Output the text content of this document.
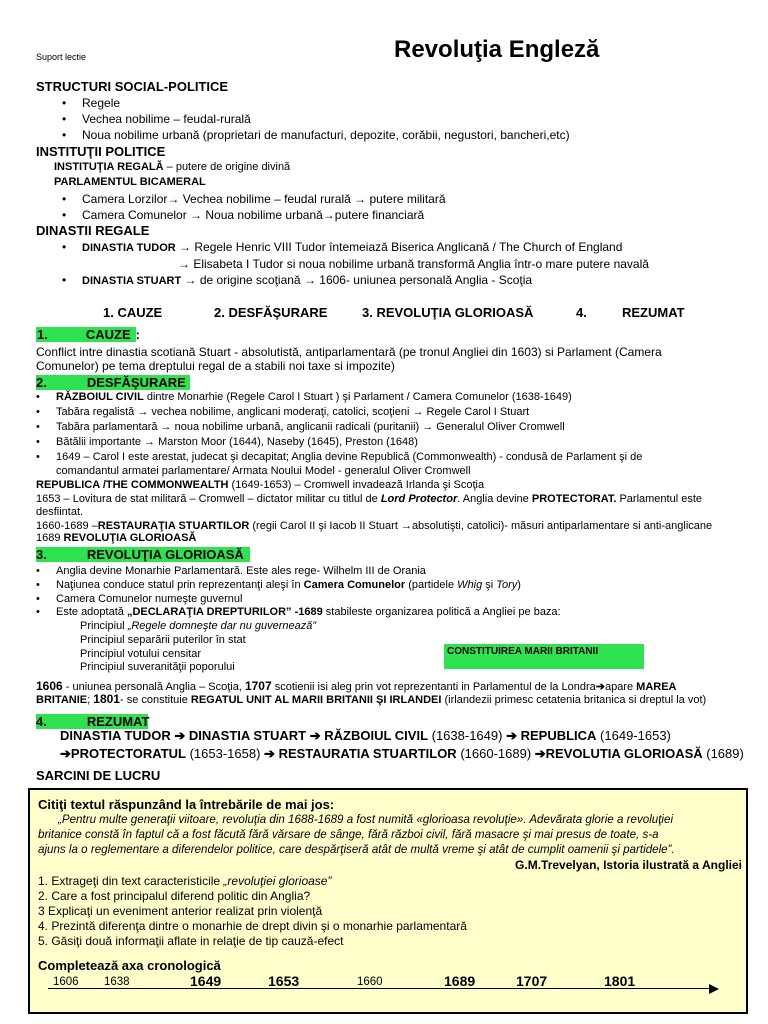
Suport lectie	Revoluţia Engleză
STRUCTURI SOCIAL-POLITICE
• Regele
• Vechea nobilime – feudal-rurală
• Noua nobilime urbană (proprietari de manufacturi, depozite, corăbii, negustori, bancheri,etc)
INSTITUŢII POLITICE
INSTITUŢIA REGALĂ – putere de origine divină
PARLAMENTUL BICAMERAL
• Camera Lorzilor→ Vechea nobilime – feudal rurală → putere militară
• Camera Comunelor → Noua nobilime urbană→putere financiară
DINASTII REGALE
• DINASTIA TUDOR → Regele Henric VIII Tudor întemeiază Biserica Anglicană / The Church of England
→ Elisabeta I Tudor si noua nobilime urbană transformă Anglia într-o mare putere navală
• DINASTIA STUART → de origine scoţiană → 1606- uniunea personală Anglia - Scoţia
1. CAUZE	2. DESFĂŞURARE	3. REVOLUŢIA GLORIOASĂ	4.	REZUMAT
1.	CAUZE :
Conflict intre dinastia scotiană Stuart - absolutistă, antiparlamentară (pe tronul Angliei din 1603) si Parlament (Camera
Comunelor) pe tema dreptului regal de a stabili noi taxe si impozite)
2.	DESFĂŞURARE
• RĂZBOIUL CIVIL dintre Monarhie (Regele Carol I Stuart ) şi Parlament / Camera Comunelor (1638-1649)
• Tabăra regalistă → vechea nobilime, anglicani moderaţi, catolici, scoţieni → Regele Carol I Stuart
• Tabăra parlamentară → noua nobilime urbană, anglicanii radicali (puritanii) → Generalul Oliver Cromwell
• Bătălii importante → Marston Moor (1644), Naseby (1645), Preston (1648)
• 1649 – Carol I este arestat, judecat şi decapitat; Anglia devine Republică (Commonwealth) - condusă de Parlament şi de
comandantul armatei parlamentare/ Armata Noului Model - generalul Oliver Cromwell
REPUBLICA /THE COMMONWEALTH (1649-1653) – Cromwell invadează Irlanda şi Scoţia
1653 – Lovitura de stat militară – Cromwell – dictator militar cu titlul de Lord Protector. Anglia devine PROTECTORAT. Parlamentul este
desfiintat.
1660-1689 –RESTAURAŢIA STUARTILOR (regii Carol II şi Iacob II Stuart →absolutişti, catolici)- măsuri antiparlamentare si anti-anglicane
1689 REVOLUŢIA GLORIOASĂ
3.	REVOLUŢIA GLORIOASĂ
• Anglia devine Monarhie Parlamentară. Este ales rege- Wilhelm III de Orania
• Naţiunea conduce statul prin reprezentanţi aleşi în Camera Comunelor (partidele Whig şi Tory)
• Camera Comunelor numeşte guvernul
• Este adoptată „DECLARAŢIA DREPTURILOR” -1689 stabileste organizarea politică a Angliei pe baza:
Principiul „Regele domneşte dar nu guvernează”
Principiul separării puterilor în stat
Principiul votului censitar
Principiul suveranităţii poporului
CONSTITUIREA MARII BRITANII
1606 - uniunea personală Anglia – Scoţia, 1707 scotienii isi aleg prin vot reprezentanti in Parlamentul de la Londra➔apare MAREA
BRITANIE; 1801- se constituie REGATUL UNIT AL MARII BRITANII ŞI IRLANDEI (irlandezii primesc cetatenia britanica si dreptul la vot)
4.	REZUMAT
DINASTIA TUDOR ➔ DINASTIA STUART ➔ RĂZBOIUL CIVIL (1638-1649) ➔ REPUBLICA (1649-1653)
➔PROTECTORATUL (1653-1658) ➔ RESTAURATIA STUARTILOR (1660-1689) ➔REVOLUTIA GLORIOASĂ (1689)
SARCINI DE LUCRU
Citiţi textul răspunzând la întrebările de mai jos:
„Pentru multe generaţii viitoare, revoluţia din 1688-1689 a fost numită «glorioasa revoluţie». Adevărata glorie a revoluţiei
britanice constă în faptul că a fost făcută fără vărsare de sânge, fără război civil, fără masacre şi mai presus de toate, s-a
ajuns la o reglementare a diferendelor politice, care despărţiseră atât de multă vreme şi atât de cumplit oamenii şi partidele”.
G.M.Trevelyan, Istoria ilustrată a Angliei
1. Extrageţi din text caracteristicile „revoluţiei glorioase”
2. Care a fost principalul diferend politic din Anglia?
3 Explicaţi un eveniment anterior realizat prin violenţă
4. Prezintă diferenţa dintre o monarhie de drept divin şi o monarhie parlamentară
5. Găsiţi două informaţii aflate in relaţie de tip cauză-efect
Completează axa cronologică
1606 1638	1649	1653	1660	1689	1707	1801
